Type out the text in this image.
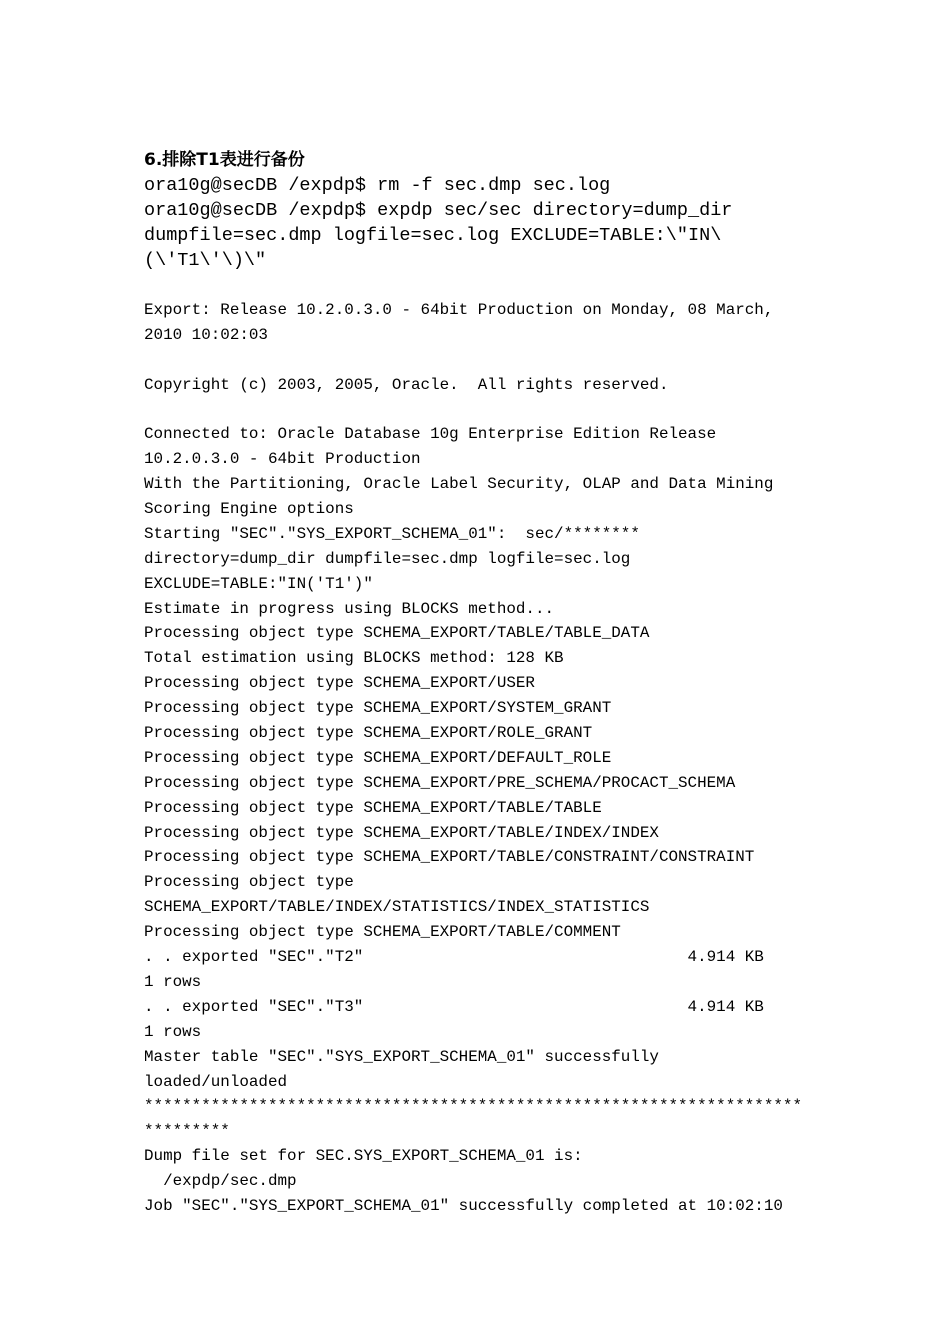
6.排除T1表进行备份
ora10g@secDB /expdp$ rm -f sec.dmp sec.log
ora10g@secDB /expdp$ expdp sec/sec directory=dump_dir
dumpfile=sec.dmp logfile=sec.log EXCLUDE=TABLE:\"IN\
(\'T1\'\)\"
Export: Release 10.2.0.3.0 - 64bit Production on Monday, 08 March,
2010 10:02:03
Copyright (c) 2003, 2005, Oracle.  All rights reserved.
Connected to: Oracle Database 10g Enterprise Edition Release
10.2.0.3.0 - 64bit Production
With the Partitioning, Oracle Label Security, OLAP and Data Mining
Scoring Engine options
Starting "SEC"."SYS_EXPORT_SCHEMA_01":  sec/********
directory=dump_dir dumpfile=sec.dmp logfile=sec.log
EXCLUDE=TABLE:"IN('T1')"
Estimate in progress using BLOCKS method...
Processing object type SCHEMA_EXPORT/TABLE/TABLE_DATA
Total estimation using BLOCKS method: 128 KB
Processing object type SCHEMA_EXPORT/USER
Processing object type SCHEMA_EXPORT/SYSTEM_GRANT
Processing object type SCHEMA_EXPORT/ROLE_GRANT
Processing object type SCHEMA_EXPORT/DEFAULT_ROLE
Processing object type SCHEMA_EXPORT/PRE_SCHEMA/PROCACT_SCHEMA
Processing object type SCHEMA_EXPORT/TABLE/TABLE
Processing object type SCHEMA_EXPORT/TABLE/INDEX/INDEX
Processing object type SCHEMA_EXPORT/TABLE/CONSTRAINT/CONSTRAINT
Processing object type
SCHEMA_EXPORT/TABLE/INDEX/STATISTICS/INDEX_STATISTICS
Processing object type SCHEMA_EXPORT/TABLE/COMMENT
. . exported "SEC"."T2"                                  4.914 KB
1 rows
. . exported "SEC"."T3"                                  4.914 KB
1 rows
Master table "SEC"."SYS_EXPORT_SCHEMA_01" successfully
loaded/unloaded
*********************************************************************
*********
Dump file set for SEC.SYS_EXPORT_SCHEMA_01 is:
/expdp/sec.dmp
Job "SEC"."SYS_EXPORT_SCHEMA_01" successfully completed at 10:02:10
